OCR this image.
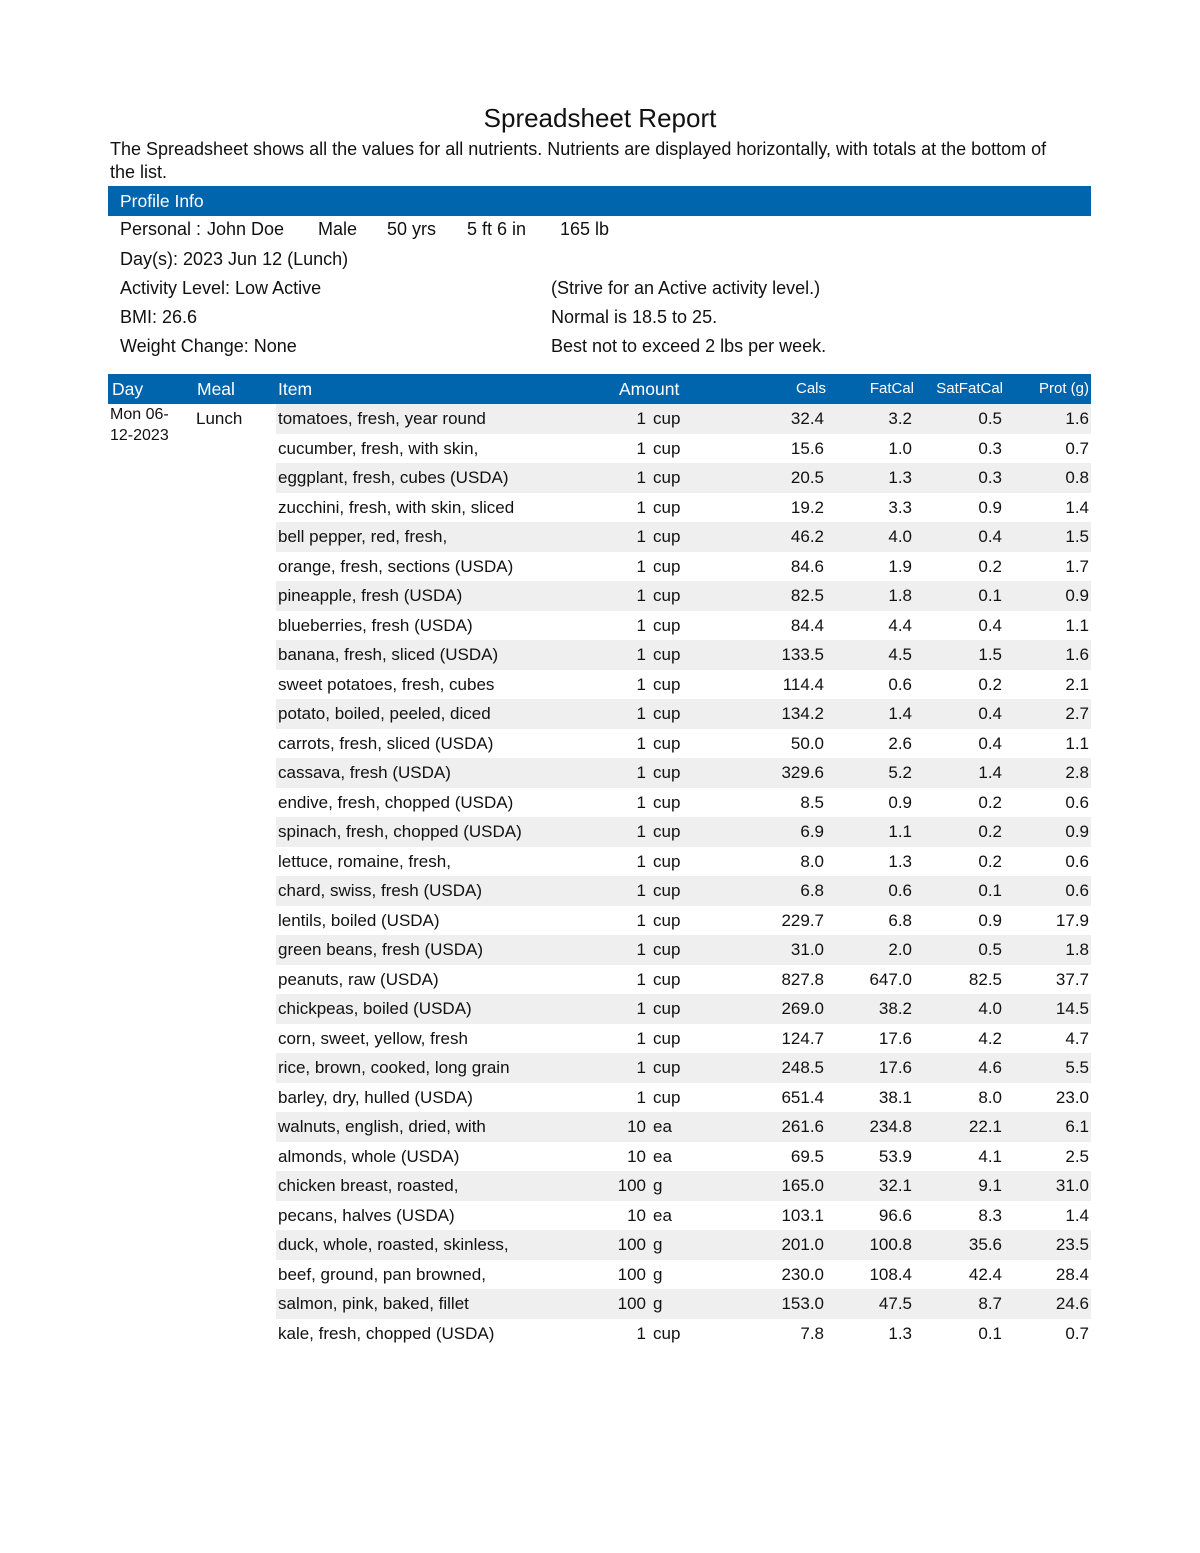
Spreadsheet Report
The Spreadsheet shows all the values for all nutrients. Nutrients are displayed horizontally, with totals at the bottom of the list.
Profile Info
Personal : John Doe Male 50 yrs 5 ft 6 in 165 lb
Day(s): 2023 Jun 12 (Lunch)
Activity Level: Low Active	(Strive for an Active activity level.)
BMI: 26.6	Normal is 18.5 to 25.
Weight Change: None	Best not to exceed 2 lbs per week.
Day	Meal Item	Amount	Cals	FatCal	SatFatCal	Prot (g)
Mon 06-12-2023
Lunch tomatoes, fresh, year round	1 cup	32.4	3.2	0.5	1.6
cucumber, fresh, with skin,	1 cup	15.6	1.0	0.3	0.7
eggplant, fresh, cubes (USDA)	1 cup	20.5	1.3	0.3	0.8
zucchini, fresh, with skin, sliced	1 cup	19.2	3.3	0.9	1.4
bell pepper, red, fresh,	1 cup	46.2	4.0	0.4	1.5
orange, fresh, sections (USDA)	1 cup	84.6	1.9	0.2	1.7
pineapple, fresh (USDA)	1 cup	82.5	1.8	0.1	0.9
blueberries, fresh (USDA)	1 cup	84.4	4.4	0.4	1.1
banana, fresh, sliced (USDA)	1 cup	133.5	4.5	1.5	1.6
sweet potatoes, fresh, cubes	1 cup	114.4	0.6	0.2	2.1
potato, boiled, peeled, diced	1 cup	134.2	1.4	0.4	2.7
carrots, fresh, sliced (USDA)	1 cup	50.0	2.6	0.4	1.1
cassava, fresh (USDA)	1 cup	329.6	5.2	1.4	2.8
endive, fresh, chopped (USDA)	1 cup	8.5	0.9	0.2	0.6
spinach, fresh, chopped (USDA)	1 cup	6.9	1.1	0.2	0.9
lettuce, romaine, fresh,	1 cup	8.0	1.3	0.2	0.6
chard, swiss, fresh (USDA)	1 cup	6.8	0.6	0.1	0.6
lentils, boiled (USDA)	1 cup	229.7	6.8	0.9	17.9
green beans, fresh (USDA)	1 cup	31.0	2.0	0.5	1.8
peanuts, raw (USDA)	1 cup	827.8	647.0	82.5	37.7
chickpeas, boiled (USDA)	1 cup	269.0	38.2	4.0	14.5
corn, sweet, yellow, fresh	1 cup	124.7	17.6	4.2	4.7
rice, brown, cooked, long grain	1 cup	248.5	17.6	4.6	5.5
barley, dry, hulled (USDA)	1 cup	651.4	38.1	8.0	23.0
walnuts, english, dried, with	10 ea	261.6	234.8	22.1	6.1
almonds, whole (USDA)	10 ea	69.5	53.9	4.1	2.5
chicken breast, roasted,	100 g	165.0	32.1	9.1	31.0
pecans, halves (USDA)	10 ea	103.1	96.6	8.3	1.4
duck, whole, roasted, skinless,	100 g	201.0	100.8	35.6	23.5
beef, ground, pan browned,	100 g	230.0	108.4	42.4	28.4
salmon, pink, baked, fillet	100 g	153.0	47.5	8.7	24.6
kale, fresh, chopped (USDA)	1 cup	7.8	1.3	0.1	0.7
